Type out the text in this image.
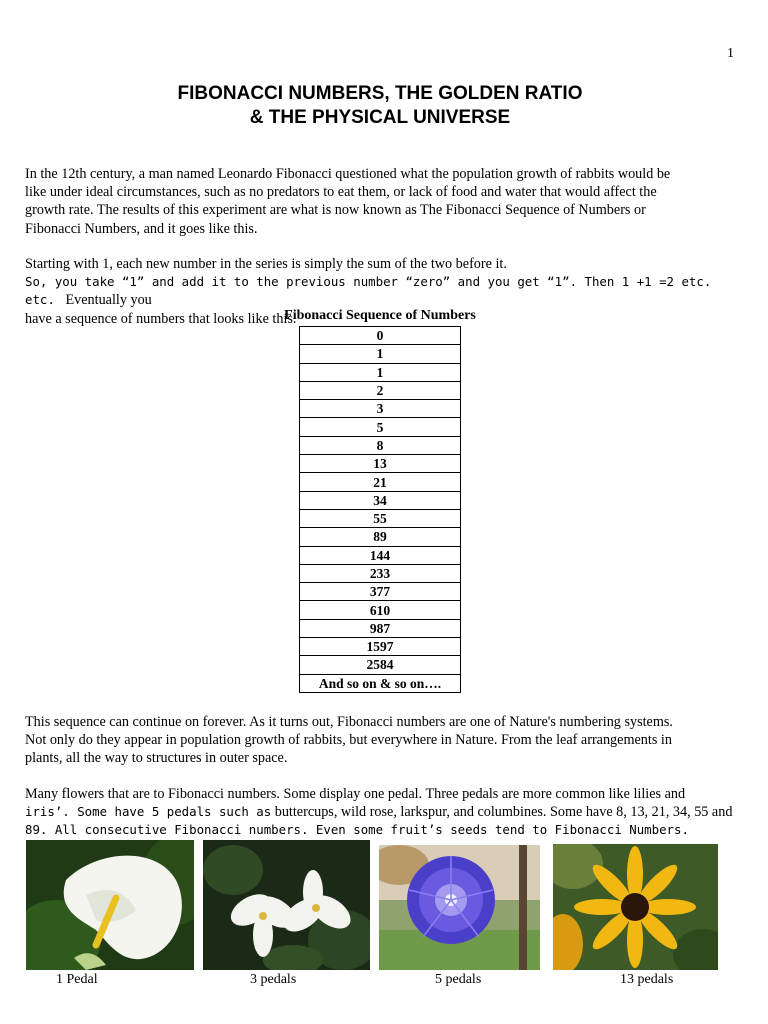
1
FIBONACCI NUMBERS, THE GOLDEN RATIO
& THE PHYSICAL UNIVERSE
In the 12th century, a man named Leonardo Fibonacci questioned what the population growth of rabbits would be
like under ideal circumstances, such as no predators to eat them, or lack of food and water that would affect the
growth rate. The results of this experiment are what is now known as The Fibonacci Sequence of Numbers or
Fibonacci Numbers, and it goes like this.
Starting with 1, each new number in the series is simply the sum of the two before it.
So, you take “1” and add it to the previous number “zero” and you get “1”. Then 1 +1 =2 etc. etc.   Eventually you
have a sequence of numbers that looks like this.
Fibonacci Sequence of Numbers
0
1
1
2
3
5
8
13
21
34
55
89
144
233
377
610
987
1597
2584
And so on & so on….
This sequence can continue on forever. As it turns out, Fibonacci numbers are one of Nature's numbering systems.
Not only do they appear in population growth of rabbits, but everywhere in Nature. From the leaf arrangements in
plants, all the way to structures in outer space.
Many flowers that are to Fibonacci numbers. Some display one pedal. Three pedals are more common like lilies and
iris’. Some have 5 pedals such as buttercups, wild rose, larkspur, and columbines. Some have 8, 13, 21, 34, 55 and
89. All consecutive Fibonacci numbers. Even some fruit’s seeds tend to Fibonacci Numbers.
1 Pedal	3 pedals	5 pedals	13 pedals
